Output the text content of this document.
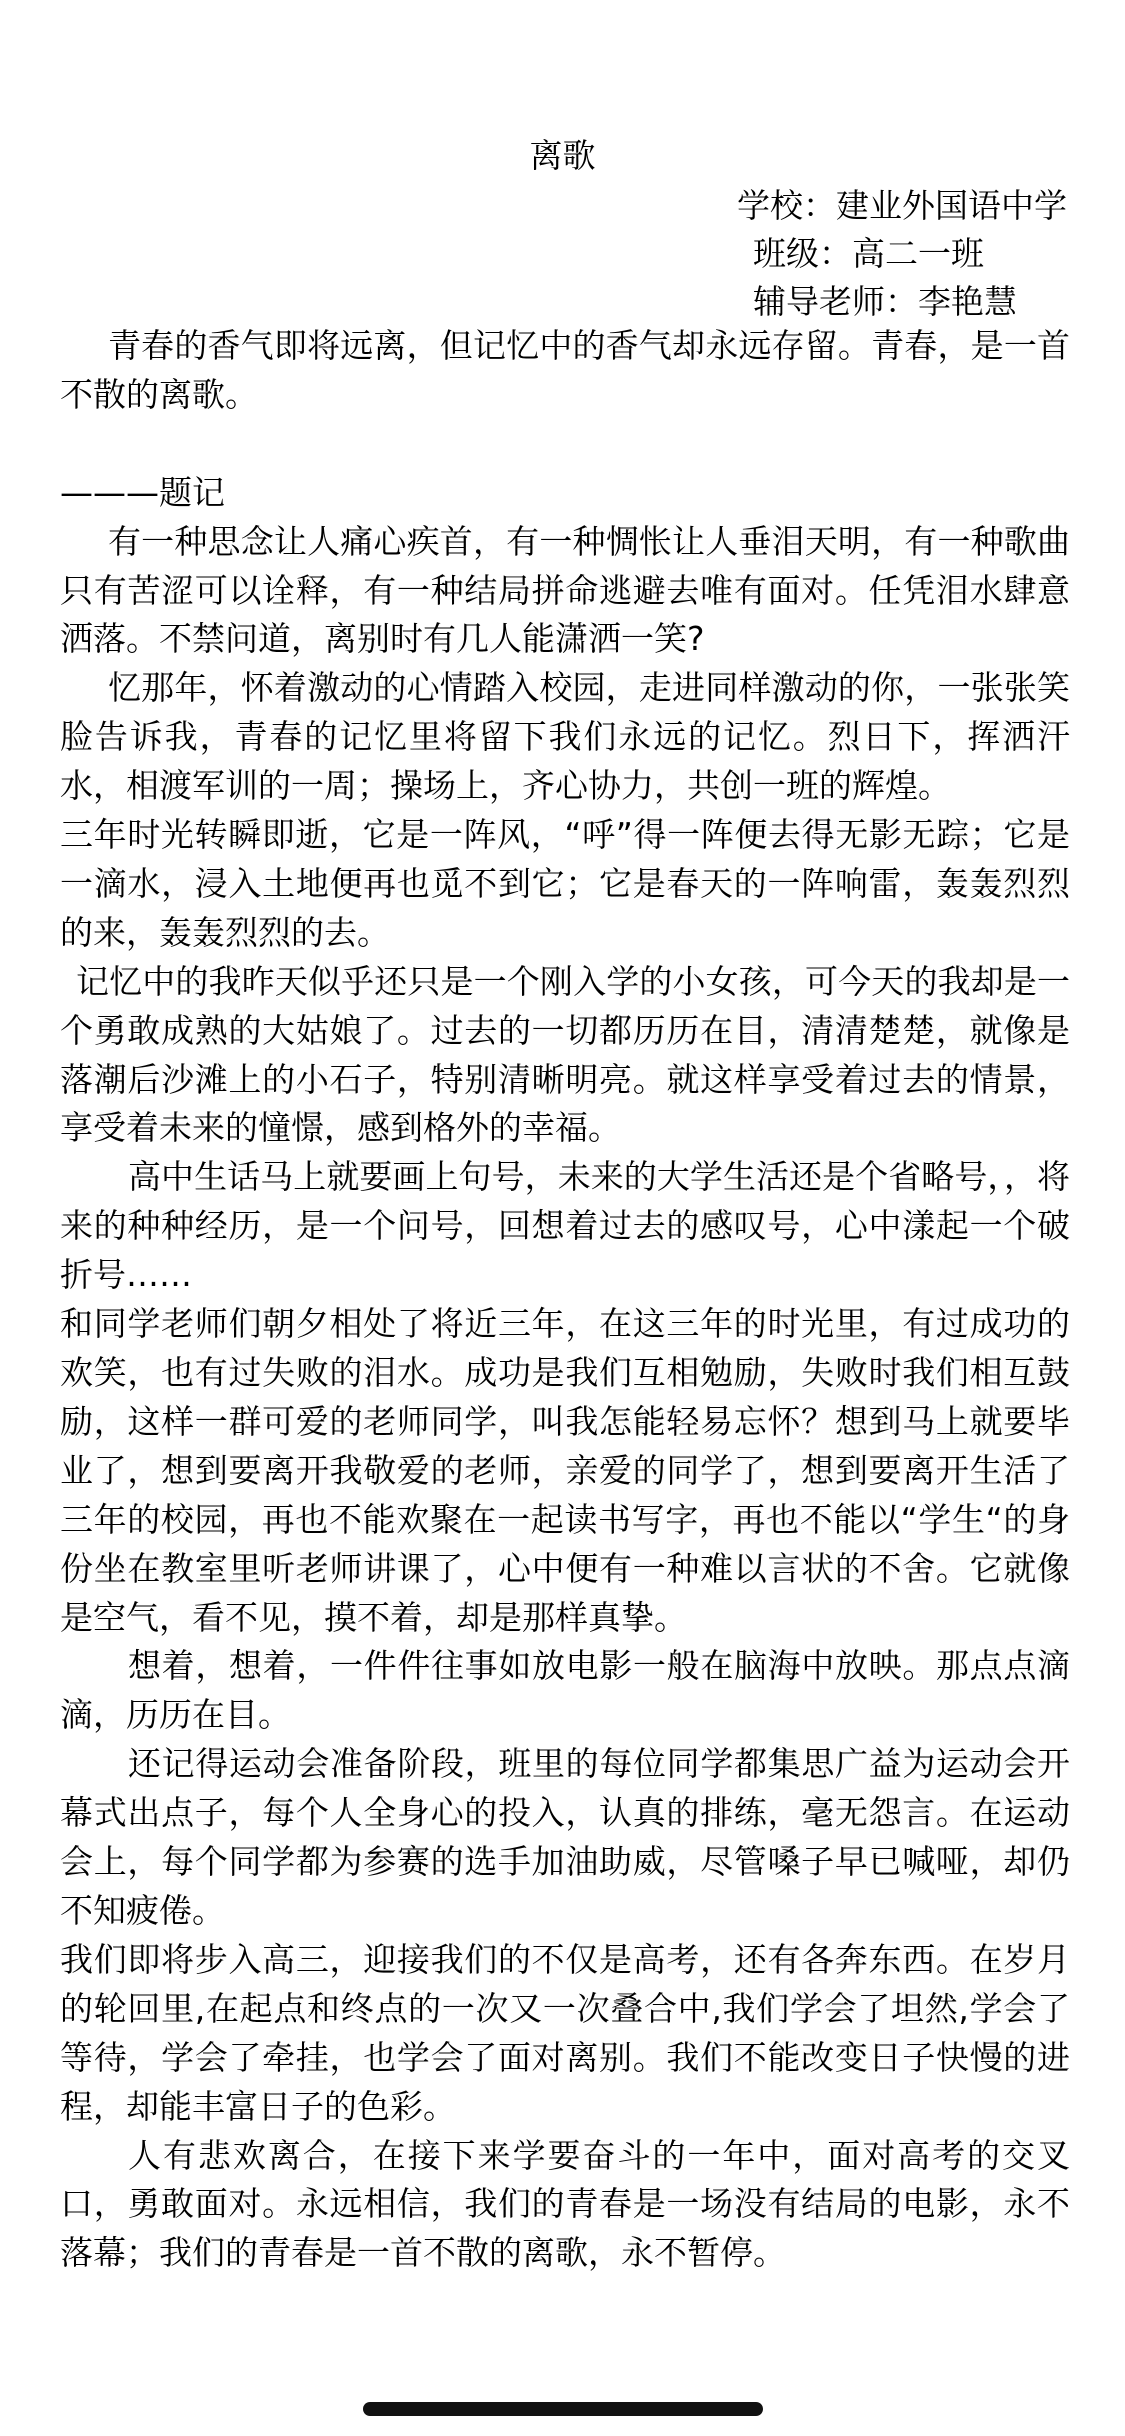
离歌
学校：建业外国语中学
班级：高二一班
辅导老师：李艳慧

青春的香气即将远离，但记忆中的香气却永远存留。青春，是一首不散的离歌。

———题记

有一种思念让人痛心疾首，有一种惆怅让人垂泪天明，有一种歌曲只有苦涩可以诠释，有一种结局拼命逃避去唯有面对。任凭泪水肆意洒落。不禁问道，离别时有几人能潇洒一笑?

忆那年，怀着激动的心情踏入校园，走进同样激动的你，一张张笑脸告诉我，青春的记忆里将留下我们永远的记忆。烈日下，挥洒汗水，相渡军训的一周；操场上，齐心协力，共创一班的辉煌。

三年时光转瞬即逝，它是一阵风，“呼”得一阵便去得无影无踪；它是一滴水，浸入土地便再也觅不到它；它是春天的一阵响雷，轰轰烈烈的来，轰轰烈烈的去。

记忆中的我昨天似乎还只是一个刚入学的小女孩，可今天的我却是一个勇敢成熟的大姑娘了。过去的一切都历历在目，清清楚楚，就像是落潮后沙滩上的小石子，特别清晰明亮。就这样享受着过去的情景，享受着未来的憧憬，感到格外的幸福。

高中生话马上就要画上句号，未来的大学生活还是个省略号，，将来的种种经历，是一个问号，回想着过去的感叹号，心中漾起一个破折号……

和同学老师们朝夕相处了将近三年，在这三年的时光里，有过成功的欢笑，也有过失败的泪水。成功是我们互相勉励，失败时我们相互鼓励，这样一群可爱的老师同学，叫我怎能轻易忘怀？想到马上就要毕业了，想到要离开我敬爱的老师，亲爱的同学了，想到要离开生活了三年的校园，再也不能欢聚在一起读书写字，再也不能以“学生“的身份坐在教室里听老师讲课了，心中便有一种难以言状的不舍。它就像是空气，看不见，摸不着，却是那样真挚。

想着，想着，一件件往事如放电影一般在脑海中放映。那点点滴滴，历历在目。

还记得运动会准备阶段，班里的每位同学都集思广益为运动会开幕式出点子，每个人全身心的投入，认真的排练，毫无怨言。在运动会上，每个同学都为参赛的选手加油助威，尽管嗓子早已喊哑，却仍不知疲倦。

我们即将步入高三，迎接我们的不仅是高考，还有各奔东西。在岁月的轮回里,在起点和终点的一次又一次叠合中,我们学会了坦然,学会了等待，学会了牵挂，也学会了面对离别。我们不能改变日子快慢的进程，却能丰富日子的色彩。

人有悲欢离合，在接下来学要奋斗的一年中，面对高考的交叉口，勇敢面对。永远相信，我们的青春是一场没有结局的电影，永不落幕；我们的青春是一首不散的离歌，永不暂停。
